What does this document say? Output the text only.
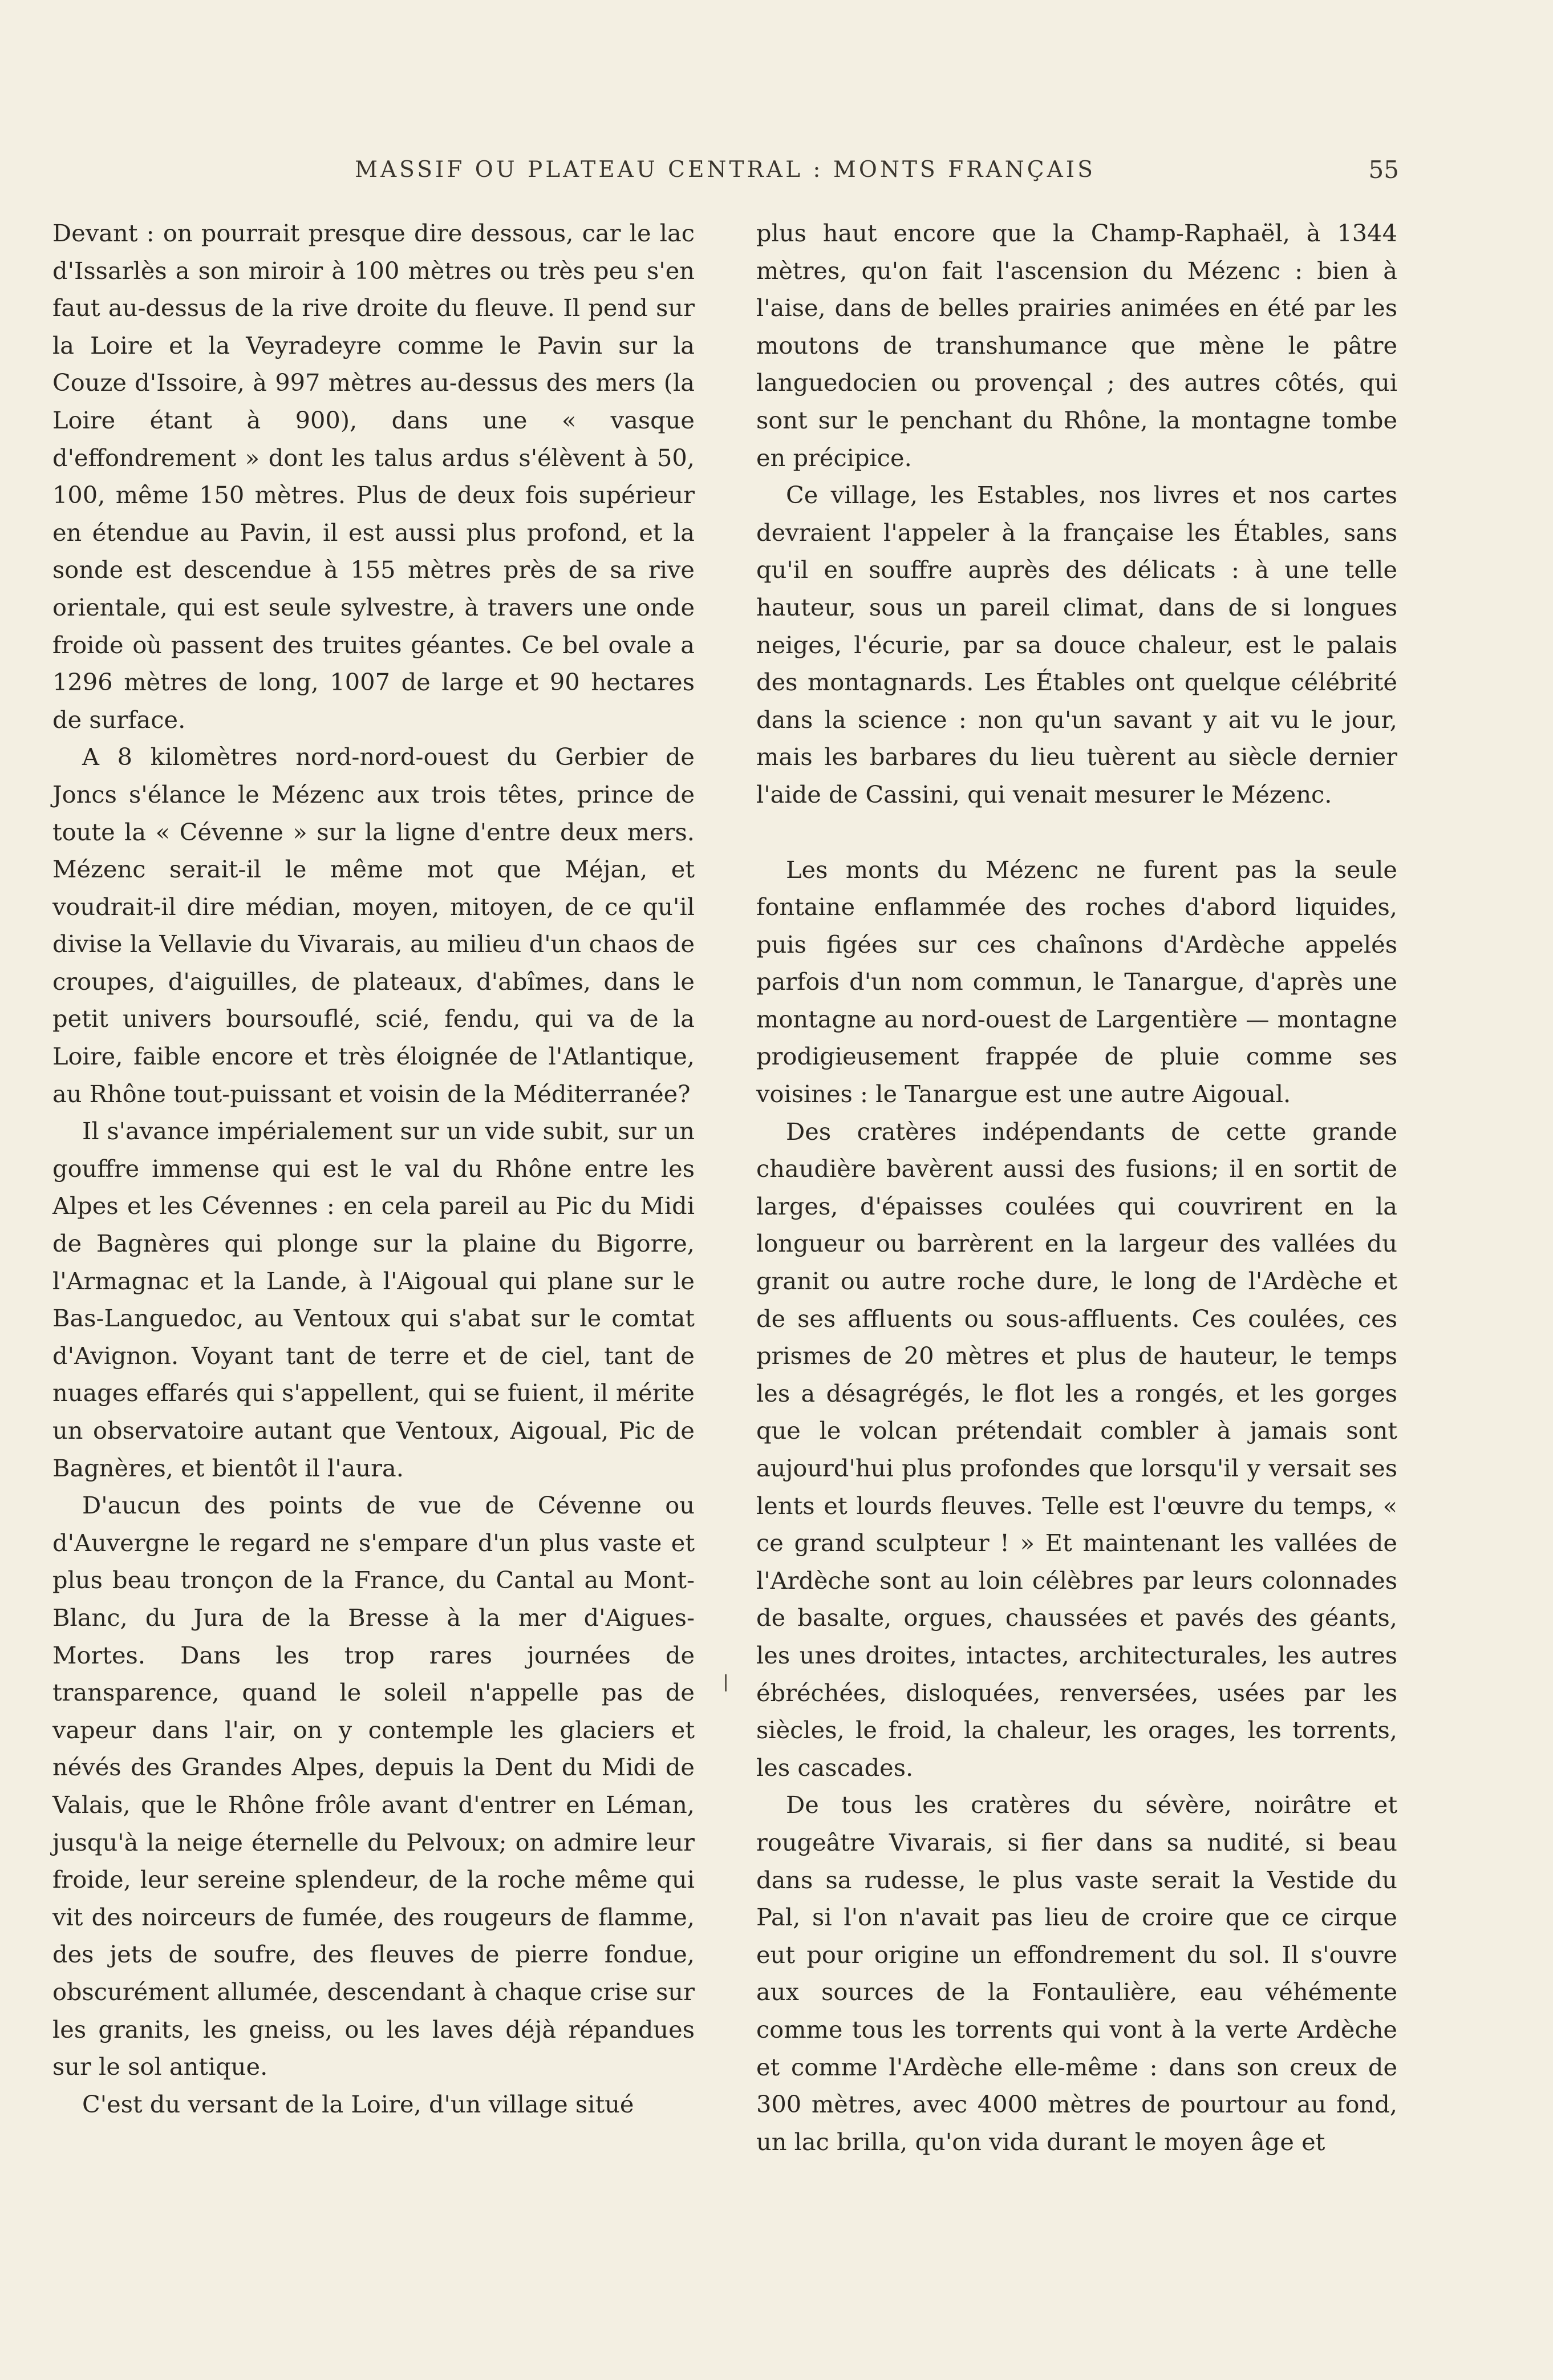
MASSIF OU PLATEAU CENTRAL : MONTS FRANÇAIS	55

Devant : on pourrait presque dire dessous, car le lac d'Issarlès a son miroir à 100 mètres ou très peu s'en faut au-dessus de la rive droite du fleuve. Il pend sur la Loire et la Veyradeyre comme le Pavin sur la Couze d'Issoire, à 997 mètres au-dessus des mers (la Loire étant à 900), dans une « vasque d'effondrement » dont les talus ardus s'élèvent à 50, 100, même 150 mètres. Plus de deux fois supérieur en étendue au Pavin, il est aussi plus profond, et la sonde est descendue à 155 mètres près de sa rive orientale, qui est seule sylvestre, à travers une onde froide où passent des truites géantes. Ce bel ovale a 1296 mètres de long, 1007 de large et 90 hectares de surface.

A 8 kilomètres nord-nord-ouest du Gerbier de Joncs s'élance le Mézenc aux trois têtes, prince de toute la « Cévenne » sur la ligne d'entre deux mers. Mézenc serait-il le même mot que Méjan, et voudrait-il dire médian, moyen, mitoyen, de ce qu'il divise la Vellavie du Vivarais, au milieu d'un chaos de croupes, d'aiguilles, de plateaux, d'abîmes, dans le petit univers boursouflé, scié, fendu, qui va de la Loire, faible encore et très éloignée de l'Atlantique, au Rhône tout-puissant et voisin de la Méditerranée?

Il s'avance impérialement sur un vide subit, sur un gouffre immense qui est le val du Rhône entre les Alpes et les Cévennes : en cela pareil au Pic du Midi de Bagnères qui plonge sur la plaine du Bigorre, l'Armagnac et la Lande, à l'Aigoual qui plane sur le Bas-Languedoc, au Ventoux qui s'abat sur le comtat d'Avignon. Voyant tant de terre et de ciel, tant de nuages effarés qui s'appellent, qui se fuient, il mérite un observatoire autant que Ventoux, Aigoual, Pic de Bagnères, et bientôt il l'aura.

D'aucun des points de vue de Cévenne ou d'Auvergne le regard ne s'empare d'un plus vaste et plus beau tronçon de la France, du Cantal au Mont-Blanc, du Jura de la Bresse à la mer d'Aigues-Mortes. Dans les trop rares journées de transparence, quand le soleil n'appelle pas de vapeur dans l'air, on y contemple les glaciers et névés des Grandes Alpes, depuis la Dent du Midi de Valais, que le Rhône frôle avant d'entrer en Léman, jusqu'à la neige éternelle du Pelvoux; on admire leur froide, leur sereine splendeur, de la roche même qui vit des noirceurs de fumée, des rougeurs de flamme, des jets de soufre, des fleuves de pierre fondue, obscurément allumée, descendant à chaque crise sur les granits, les gneiss, ou les laves déjà répandues sur le sol antique.

C'est du versant de la Loire, d'un village situé

plus haut encore que la Champ-Raphaël, à 1344 mètres, qu'on fait l'ascension du Mézenc : bien à l'aise, dans de belles prairies animées en été par les moutons de transhumance que mène le pâtre languedocien ou provençal ; des autres côtés, qui sont sur le penchant du Rhône, la montagne tombe en précipice.

Ce village, les Estables, nos livres et nos cartes devraient l'appeler à la française les Étables, sans qu'il en souffre auprès des délicats : à une telle hauteur, sous un pareil climat, dans de si longues neiges, l'écurie, par sa douce chaleur, est le palais des montagnards. Les Étables ont quelque célébrité dans la science : non qu'un savant y ait vu le jour, mais les barbares du lieu tuèrent au siècle dernier l'aide de Cassini, qui venait mesurer le Mézenc.

Les monts du Mézenc ne furent pas la seule fontaine enflammée des roches d'abord liquides, puis figées sur ces chaînons d'Ardèche appelés parfois d'un nom commun, le Tanargue, d'après une montagne au nord-ouest de Largentière — montagne prodigieusement frappée de pluie comme ses voisines : le Tanargue est une autre Aigoual.

Des cratères indépendants de cette grande chaudière bavèrent aussi des fusions; il en sortit de larges, d'épaisses coulées qui couvrirent en la longueur ou barrèrent en la largeur des vallées du granit ou autre roche dure, le long de l'Ardèche et de ses affluents ou sous-affluents. Ces coulées, ces prismes de 20 mètres et plus de hauteur, le temps les a désagrégés, le flot les a rongés, et les gorges que le volcan prétendait combler à jamais sont aujourd'hui plus profondes que lorsqu'il y versait ses lents et lourds fleuves. Telle est l'œuvre du temps, « ce grand sculpteur ! » Et maintenant les vallées de l'Ardèche sont au loin célèbres par leurs colonnades de basalte, orgues, chaussées et pavés des géants, les unes droites, intactes, architecturales, les autres ébréchées, disloquées, renversées, usées par les siècles, le froid, la chaleur, les orages, les torrents, les cascades.

De tous les cratères du sévère, noirâtre et rougeâtre Vivarais, si fier dans sa nudité, si beau dans sa rudesse, le plus vaste serait la Vestide du Pal, si l'on n'avait pas lieu de croire que ce cirque eut pour origine un effondrement du sol. Il s'ouvre aux sources de la Fontaulière, eau véhémente comme tous les torrents qui vont à la verte Ardèche et comme l'Ardèche elle-même : dans son creux de 300 mètres, avec 4000 mètres de pourtour au fond, un lac brilla, qu'on vida durant le moyen âge et
